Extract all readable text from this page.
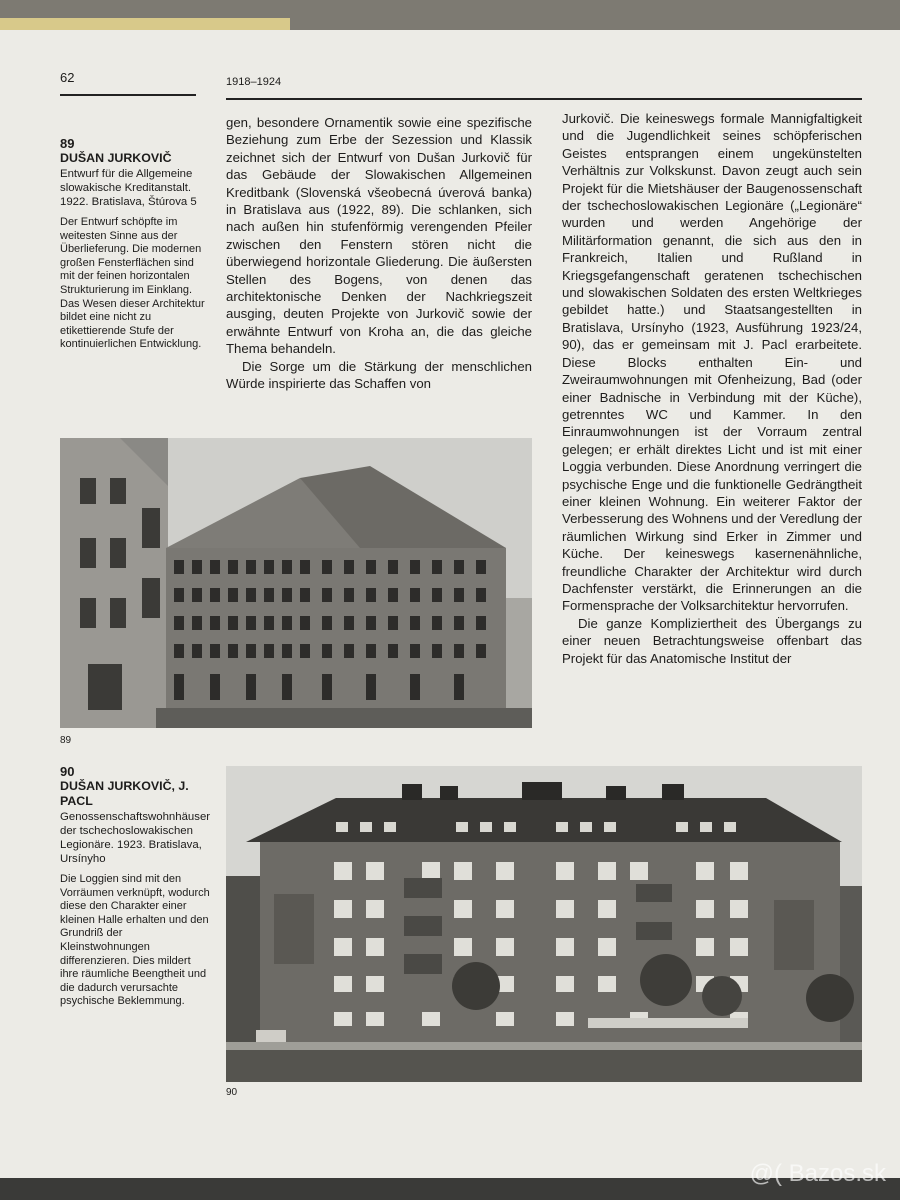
62	1918–1924
89
DUŠAN JURKOVIČ
Entwurf für die Allgemeine slowakische Kreditanstalt. 1922. Bratislava, Štúrova 5
Der Entwurf schöpfte im weitesten Sinne aus der Überlieferung. Die modernen großen Fensterflächen sind mit der feinen horizontalen Strukturierung im Einklang. Das Wesen dieser Architektur bildet eine nicht zu etikettierende Stufe der kontinuierlichen Entwicklung.

gen, besondere Ornamentik sowie eine spezifische Beziehung zum Erbe der Sezession und Klassik zeichnet sich der Entwurf von Dušan Jurkovič für das Gebäude der Slowakischen Allgemeinen Kreditbank (Slovenská všeobecná úverová banka) in Bratislava aus (1922, 89). Die schlanken, sich nach außen hin stufenförmig verengenden Pfeiler zwischen den Fenstern stören nicht die überwiegend horizontale Gliederung. Die äußersten Stellen des Bogens, von denen das architektonische Denken der Nachkriegszeit ausging, deuten Projekte von Jurkovič sowie der erwähnte Entwurf von Kroha an, die das gleiche Thema behandeln.

Die Sorge um die Stärkung der menschlichen Würde inspirierte das Schaffen von

Jurkovič. Die keineswegs formale Mannigfaltigkeit und die Jugendlichkeit seines schöpferischen Geistes entsprangen einem ungekünstelten Verhältnis zur Volkskunst. Davon zeugt auch sein Projekt für die Mietshäuser der Baugenossenschaft der tschechoslowakischen Legionäre („Legionäre“ wurden und werden Angehörige der Militärformation genannt, die sich aus den in Frankreich, Italien und Rußland in Kriegsgefangenschaft geratenen tschechischen und slowakischen Soldaten des ersten Weltkrieges gebildet hatte.) und Staatsangestellten in Bratislava, Ursínyho (1923, Ausführung 1923/24, 90), das er gemeinsam mit J. Pacl erarbeitete. Diese Blocks enthalten Ein- und Zweiraumwohnungen mit Ofenheizung, Bad (oder einer Badnische in Verbindung mit der Küche), getrenntes WC und Kammer. In den Einraumwohnungen ist der Vorraum zentral gelegen; er erhält direktes Licht und ist mit einer Loggia verbunden. Diese Anordnung verringert die psychische Enge und die funktionelle Gedrängtheit einer kleinen Wohnung. Ein weiterer Faktor der Verbesserung des Wohnens und der Veredlung der räumlichen Wirkung sind Erker in Zimmer und Küche. Der keineswegs kasernenähnliche, freundliche Charakter der Architektur wird durch Dachfenster verstärkt, die Erinnerungen an die Formensprache der Volksarchitektur hervorrufen.

Die ganze Kompliziertheit des Übergangs zu einer neuen Betrachtungsweise offenbart das Projekt für das Anatomische Institut der

89
90
DUŠAN JURKOVIČ, J. PACL
Genossenschaftswohnhäuser der tschechoslowakischen Legionäre. 1923. Bratislava, Ursínyho
Die Loggien sind mit den Vorräumen verknüpft, wodurch diese den Charakter einer kleinen Halle erhalten und den Grundriß der Kleinstwohnungen differenzieren. Dies mildert ihre räumliche Beengtheit und die dadurch verursachte psychische Beklemmung.
90
@( Bazos.sk
